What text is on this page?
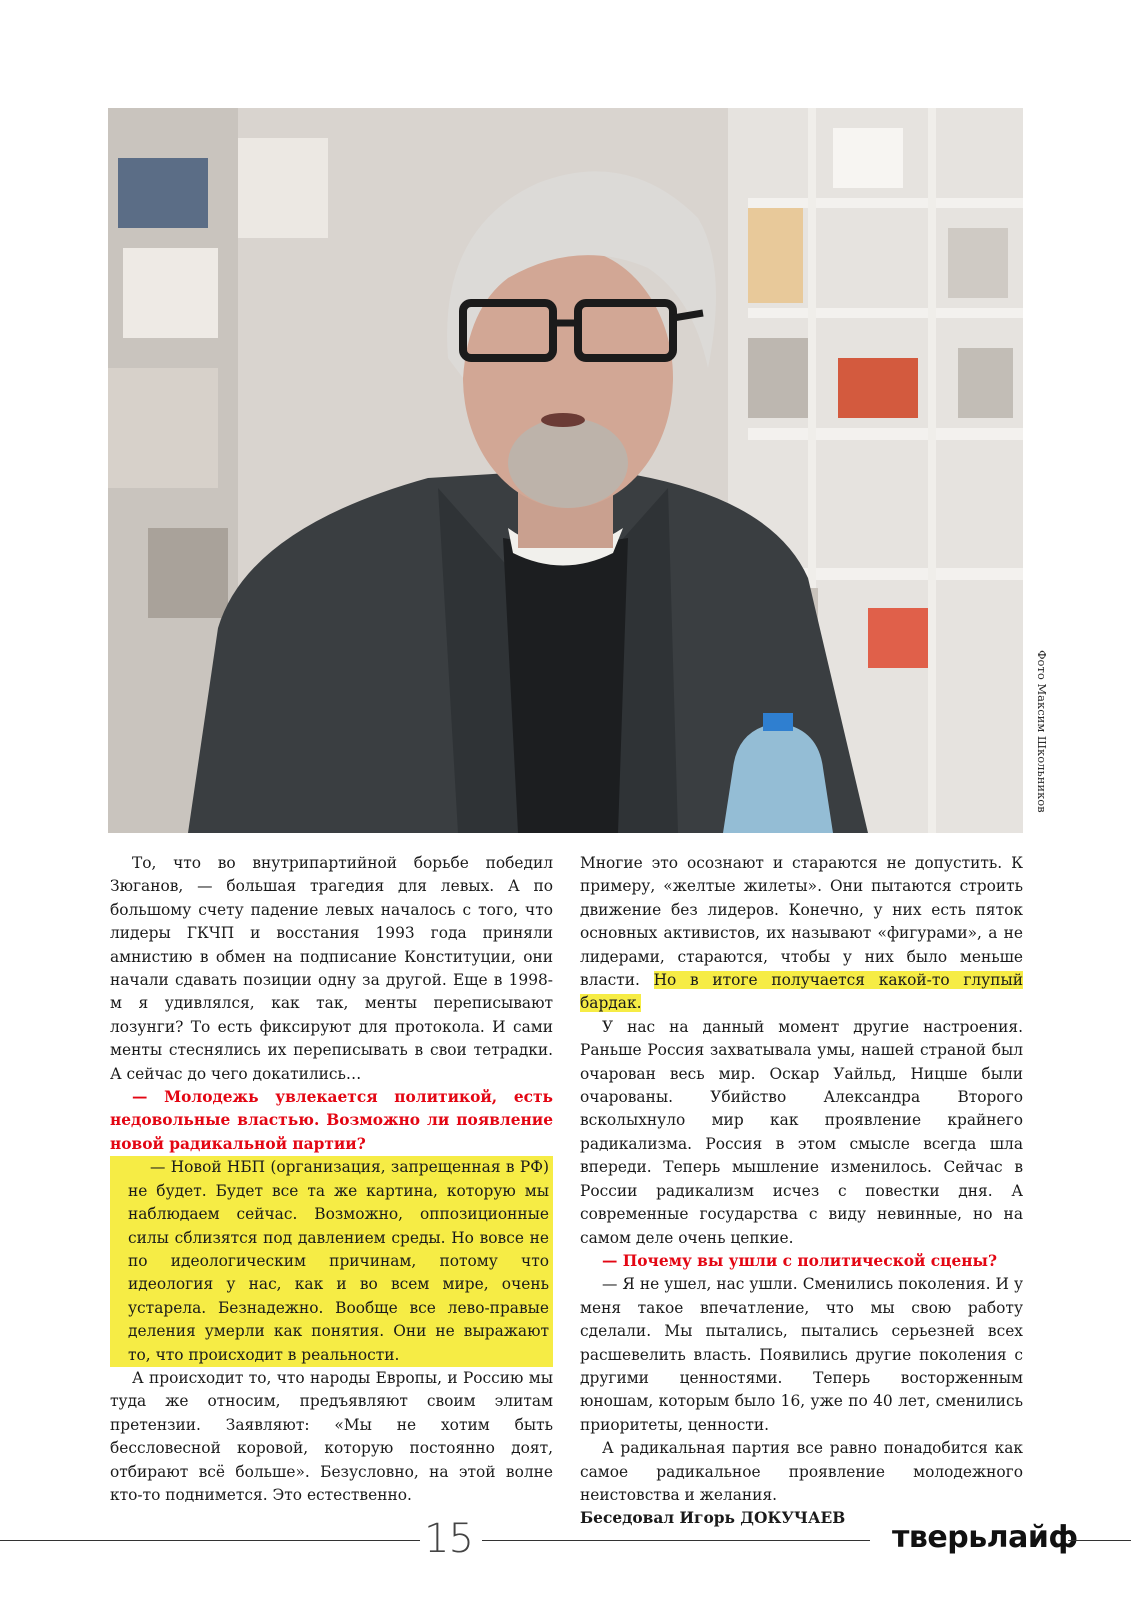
Фото Максим Школьников

То, что во внутрипартийной борьбе победил Зюганов, — большая трагедия для левых. А по большому счету падение левых началось с того, что лидеры ГКЧП и восстания 1993 года приняли амнистию в обмен на подписание Конституции, они начали сдавать позиции одну за другой. Еще в 1998-м я удивлялся, как так, менты переписывают лозунги? То есть фиксируют для протокола. И сами менты стеснялись их переписывать в свои тетрадки. А сейчас до чего докатились…

— Молодежь увлекается политикой, есть недовольные властью. Возможно ли появление новой радикальной партии?

— Новой НБП (организация, запрещенная в РФ) не будет. Будет все та же картина, которую мы наблюдаем сейчас. Возможно, оппозиционные силы сблизятся под давлением среды. Но вовсе не по идеологическим причинам, потому что идеология у нас, как и во всем мире, очень устарела. Безнадежно. Вообще все лево-правые деления умерли как понятия. Они не выражают то, что происходит в реальности.

А происходит то, что народы Европы, и Россию мы туда же относим, предъявляют своим элитам претензии. Заявляют: «Мы не хотим быть бессловесной коровой, которую постоянно доят, отбирают всё больше». Безусловно, на этой волне кто-то поднимется. Это естественно.

Многие это осознают и стараются не допустить. К примеру, «желтые жилеты». Они пытаются строить движение без лидеров. Конечно, у них есть пяток основных активистов, их называют «фигурами», а не лидерами, стараются, чтобы у них было меньше власти. Но в итоге получается какой-то глупый бардак.

У нас на данный момент другие настроения. Раньше Россия захватывала умы, нашей страной был очарован весь мир. Оскар Уайльд, Ницше были очарованы. Убийство Александра Второго всколыхнуло мир как проявление крайнего радикализма. Россия в этом смысле всегда шла впереди. Теперь мышление изменилось. Сейчас в России радикализм исчез с повестки дня. А современные государства с виду невинные, но на самом деле очень цепкие.

— Почему вы ушли с политической сцены?

— Я не ушел, нас ушли. Сменились поколения. И у меня такое впечатление, что мы свою работу сделали. Мы пытались, пытались серьезней всех расшевелить власть. Появились другие поколения с другими ценностями. Теперь восторженным юношам, которым было 16, уже по 40 лет, сменились приоритеты, ценности.

А радикальная партия все равно понадобится как самое радикальное проявление молодежного неистовства и желания.

Беседовал Игорь ДОКУЧАЕВ

15	тверьлайф
